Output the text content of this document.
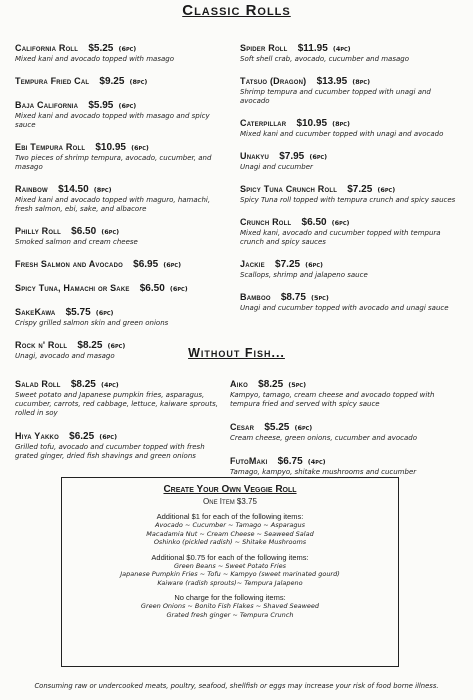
Classic Rolls
California Roll $5.25 (6pc)
Mixed kani and avocado topped with masago
Tempura Fried Cal $9.25 (8pc)
Baja California $5.95 (6pc)
Mixed kani and avocado topped with masago and spicy sauce
Ebi Tempura Roll $10.95 (6pc)
Two pieces of shrimp tempura, avocado, cucumber, and masago
Rainbow $14.50 (8pc)
Mixed kani and avocado topped with maguro, hamachi, fresh salmon, ebi, sake, and albacore
Philly Roll $6.50 (6pc)
Smoked salmon and cream cheese
Fresh Salmon and Avocado $6.95 (6pc)
Spicy Tuna, Hamachi or Sake $6.50 (6pc)
SakeKawa $5.75 (6pc)
Crispy grilled salmon skin and green onions
Rock n' Roll $8.25 (6pc)
Unagi, avocado and masago
Spider Roll $11.95 (4pc)
Soft shell crab, avocado, cucumber and masago
Tatsuo (Dragon) $13.95 (8pc)
Shrimp tempura and cucumber topped with unagi and avocado
Caterpillar $10.95 (8pc)
Mixed kani and cucumber topped with unagi and avocado
Unakyu $7.95 (6pc)
Unagi and cucumber
Spicy Tuna Crunch Roll $7.25 (6pc)
Spicy Tuna roll topped with tempura crunch and spicy sauces
Crunch Roll $6.50 (6pc)
Mixed kani, avocado and cucumber topped with tempura crunch and spicy sauces
Jackie $7.25 (6pc)
Scallops, shrimp and jalapeno sauce
Bamboo $8.75 (5pc)
Unagi and cucumber topped with avocado and unagi sauce
Without Fish...
Salad Roll $8.25 (4pc)
Sweet potato and Japanese pumpkin fries, asparagus, cucumber, carrots, red cabbage, lettuce, kaiware sprouts, rolled in soy
Hiya Yakko $6.25 (6pc)
Grilled tofu, avocado and cucumber topped with fresh grated ginger, dried fish shavings and green onions
Aiko $8.25 (5pc)
Kampyo, tamago, cream cheese and avocado topped with tempura fried and served with spicy sauce
Cesar $5.25 (6pc)
Cream cheese, green onions, cucumber and avocado
FutoMaki $6.75 (4pc)
Tamago, kampyo, shitake mushrooms and cucumber
Create Your Own Veggie Roll
One Item $3.75
Additional $1 for each of the following items:
Avocado ~ Cucumber ~ Tamago ~ Asparagus
Macadamia Nut ~ Cream Cheese ~ Seaweed Salad
Oshinko (pickled radish) ~ Shitake Mushrooms
Additional $0.75 for each of the following items:
Green Beans ~ Sweet Potato Fries
Japanese Pumpkin Fries ~ Tofu ~ Kampyo (sweet marinated gourd)
Kaiware (radish sprouts)~ Tempura Jalapeno
No charge for the following items:
Green Onions ~ Bonito Fish Flakes ~ Shaved Seaweed
Grated fresh ginger ~ Tempura Crunch
Consuming raw or undercooked meats, poultry, seafood, shellfish or eggs may increase your risk of food borne illness.
